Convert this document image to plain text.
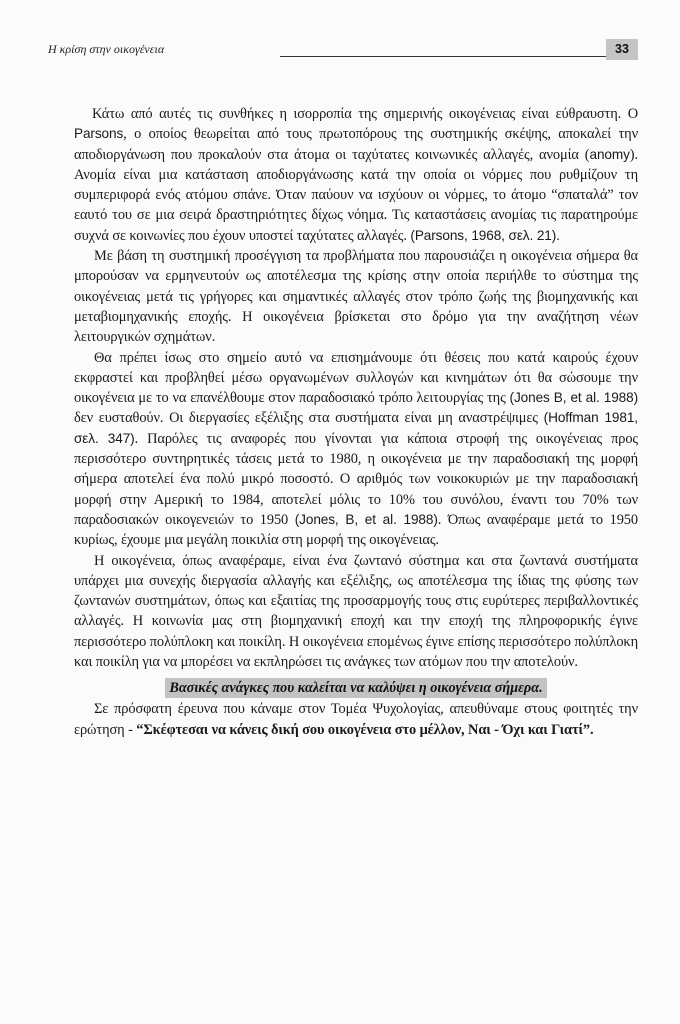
Η κρίση στην οικογένεια	33

Κάτω από αυτές τις συνθήκες η ισορροπία της σημερινής οικογένειας είναι εύθραυστη. Ο Parsons, ο οποίος θεωρείται από τους πρωτοπόρους της συστημικής σκέψης, αποκαλεί την αποδιοργάνωση που προκαλούν στα άτομα οι ταχύτατες κοινωνικές αλλαγές, ανομία (anomy). Ανομία είναι μια κατάσταση αποδιοργάνωσης κατά την οποία οι νόρμες που ρυθμίζουν τη συμπεριφορά ενός ατόμου σπάνε. Όταν παύουν να ισχύουν οι νόρμες, το άτομο “σπαταλά” τον εαυτό του σε μια σειρά δραστηριότητες δίχως νόημα. Τις καταστάσεις ανομίας τις παρατηρούμε συχνά σε κοινωνίες που έχουν υποστεί ταχύτατες αλλαγές. (Parsons, 1968, σελ. 21).

Με βάση τη συστημική προσέγγιση τα προβλήματα που παρουσιάζει η οικογένεια σήμερα θα μπορούσαν να ερμηνευτούν ως αποτέλεσμα της κρίσης στην οποία περιήλθε το σύστημα της οικογένειας μετά τις γρήγορες και σημαντικές αλλαγές στον τρόπο ζωής της βιομηχανικής και μεταβιομηχανικής εποχής. Η οικογένεια βρίσκεται στο δρόμο για την αναζήτηση νέων λειτουργικών σχημάτων.

Θα πρέπει ίσως στο σημείο αυτό να επισημάνουμε ότι θέσεις που κατά καιρούς έχουν εκφραστεί και προβληθεί μέσω οργανωμένων συλλογών και κινημάτων ότι θα σώσουμε την οικογένεια με το να επανέλθουμε στον παραδοσιακό τρόπο λειτουργίας της (Jones B, et al. 1988) δεν ευσταθούν. Οι διεργασίες εξέλιξης στα συστήματα είναι μη αναστρέψιμες (Hoffman 1981, σελ. 347). Παρόλες τις αναφορές που γίνονται για κάποια στροφή της οικογένειας προς περισσότερο συντηρητικές τάσεις μετά το 1980, η οικογένεια με την παραδοσιακή της μορφή σήμερα αποτελεί ένα πολύ μικρό ποσοστό. Ο αριθμός των νοικοκυριών με την παραδοσιακή μορφή στην Αμερική το 1984, αποτελεί μόλις το 10% του συνόλου, έναντι του 70% των παραδοσιακών οικογενειών το 1950 (Jones, B, et al. 1988). Όπως αναφέραμε μετά το 1950 κυρίως, έχουμε μια μεγάλη ποικιλία στη μορφή της οικογένειας.

Η οικογένεια, όπως αναφέραμε, είναι ένα ζωντανό σύστημα και στα ζωντανά συστήματα υπάρχει μια συνεχής διεργασία αλλαγής και εξέλιξης, ως αποτέλεσμα της ίδιας της φύσης των ζωντανών συστημάτων, όπως και εξαιτίας της προσαρμογής τους στις ευρύτερες περιβαλλοντικές αλλαγές. Η κοινωνία μας στη βιομηχανική εποχή και την εποχή της πληροφορικής έγινε περισσότερο πολύπλοκη και ποικίλη. Η οικογένεια επομένως έγινε επίσης περισσότερο πολύπλοκη και ποικίλη για να μπορέσει να εκπληρώσει τις ανάγκες των ατόμων που την αποτελούν.

Βασικές ανάγκες που καλείται να καλύψει η οικογένεια σήμερα.

Σε πρόσφατη έρευνα που κάναμε στον Τομέα Ψυχολογίας, απευθύναμε στους φοιτητές την ερώτηση - “Σκέφτεσαι να κάνεις δική σου οικογένεια στο μέλλον, Ναι - Όχι και Γιατί”.
